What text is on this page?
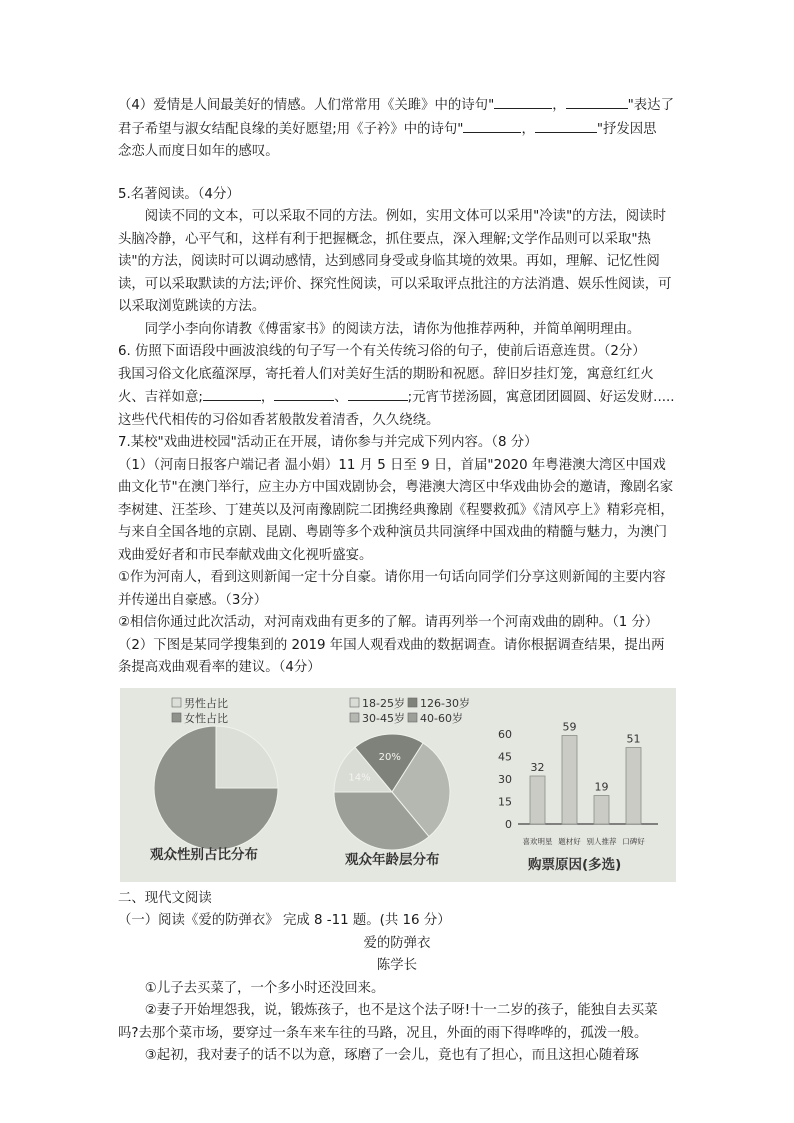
（4）爱情是人间最美好的情感。人们常常用《关雎》中的诗句"	，	"表达了

君子希望与淑女结配良缘的美好愿望;用《子衿》中的诗句"	，	"抒发因思

念恋人而度日如年的感叹。

5.名著阅读。（4分）

阅读不同的文本，可以采取不同的方法。例如，实用文体可以采用"冷读"的方法，阅读时头脑冷静，心平气和，这样有利于把握概念，抓住要点，深入理解;文学作品则可以采取"热读"的方法，阅读时可以调动感情，达到感同身受或身临其境的效果。再如，理解、记忆性阅读，可以采取默读的方法;评价、探究性阅读，可以采取评点批注的方法消遣、娱乐性阅读，可以采取浏览跳读的方法。

同学小李向你请教《傅雷家书》的阅读方法，请你为他推荐两种，并简单阐明理由。

6. 仿照下面语段中画波浪线的句子写一个有关传统习俗的句子，使前后语意连贯。（2分）

我国习俗文化底蕴深厚，寄托着人们对美好生活的期盼和祝愿。辞旧岁挂灯笼，寓意红红火火、吉祥如意;	，	、	;元宵节搓汤圆，寓意团团圆圆、好运发财.....这些代代相传的习俗如香茗般散发着清香，久久绕绕。

7.某校"戏曲进校园"活动正在开展，请你参与并完成下列内容。（8 分）

（1）（河南日报客户端记者 温小娟）11 月 5 日至 9 日，首届"2020 年粤港澳大湾区中国戏曲文化节"在澳门举行，应主办方中国戏剧协会，粤港澳大湾区中华戏曲协会的邀请，豫剧名家李树建、汪荃珍、丁建英以及河南豫剧院二团携经典豫剧《程婴救孤》《清风亭上》精彩亮相，与来自全国各地的京剧、昆剧、粤剧等多个戏种演员共同演绎中国戏曲的精髓与魅力，为澳门戏曲爱好者和市民奉献戏曲文化视听盛宴。

①作为河南人，看到这则新闻一定十分自豪。请你用一句话向同学们分享这则新闻的主要内容并传递出自豪感。（3分）

②相信你通过此次活动，对河南戏曲有更多的了解。请再列举一个河南戏曲的剧种。（1 分）

（2）下图是某同学搜集到的 2019 年国人观看戏曲的数据调查。请你根据调查结果，提出两条提高戏曲观看率的建议。（4分）

男性占比
女性占比
观众性别占比分布
14%
20%
18-25岁 126-30岁
30-45岁 40-60岁
观众年龄层分布
0
15
30
45
60
32
喜欢明星
59
题材好
19
别人推荐
51
口碑好
购票原因(多选)

二、现代文阅读

（一）阅读《爱的防弹衣》 完成 8 -11 题。(共 16 分）

爱的防弹衣

陈学长

①儿子去买菜了，一个多小时还没回来。

②妻子开始埋怨我，说，锻炼孩子，也不是这个法子呀!十一二岁的孩子，能独自去买菜吗?去那个菜市场，要穿过一条车来车往的马路，况且，外面的雨下得哗哗的，孤泼一般。

③起初，我对妻子的话不以为意，琢磨了一会儿，竟也有了担心，而且这担心随着琢
